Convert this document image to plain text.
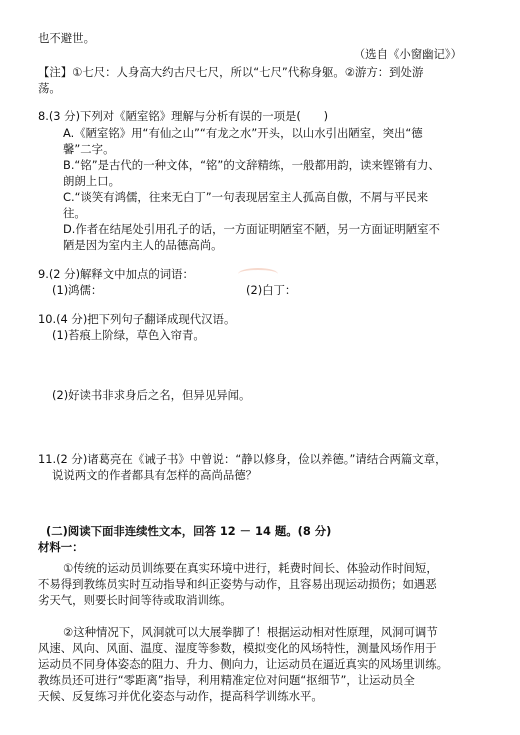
也不避世。
（选自《小窗幽记》）
【注】①七尺：人身高大约古尺七尺，所以“七尺”代称身躯。②游方：到处游
荡。
8.(3 分)下列对《陋室铭》理解与分析有误的一项是(　　)
A.《陋室铭》用“有仙之山”“有龙之水”开头，以山水引出陋室，突出“德
馨”二字。
B.“铭”是古代的一种文体，“铭”的文辞精练，一般都用韵，读来铿锵有力、
朗朗上口。
C.“谈笑有鸿儒，往来无白丁”一句表现居室主人孤高自傲，不屑与平民来
往。
D.作者在结尾处引用孔子的话，一方面证明陋室不陋，另一方面证明陋室不
陋是因为室内主人的品德高尚。
9.(2 分)解释文中加点的词语：
(1)鸿儒：	(2)白丁：
10.(4 分)把下列句子翻译成现代汉语。
(1)苔痕上阶绿，草色入帘青。
(2)好读书非求身后之名，但异见异闻。
11.(2 分)诸葛亮在《诫子书》中曾说：“静以修身，俭以养德。”请结合两篇文章，
说说两文的作者都具有怎样的高尚品德？
(二)阅读下面非连续性文本，回答 12 － 14 题。(8 分)
材料一：
①传统的运动员训练要在真实环境中进行，耗费时间长、体验动作时间短，
不易得到教练员实时互动指导和纠正姿势与动作，且容易出现运动损伤；如遇恶
劣天气，则要长时间等待或取消训练。
②这种情况下，风洞就可以大展拳脚了！根据运动相对性原理，风洞可调节
风速、风向、风面、温度、湿度等参数，模拟变化的风场特性，测量风场作用于
运动员不同身体姿态的阻力、升力、侧向力，让运动员在逼近真实的风场里训练。
教练员还可进行“零距离”指导，利用精准定位对问题“抠细节”，让运动员全
天候、反复练习并优化姿态与动作，提高科学训练水平。
